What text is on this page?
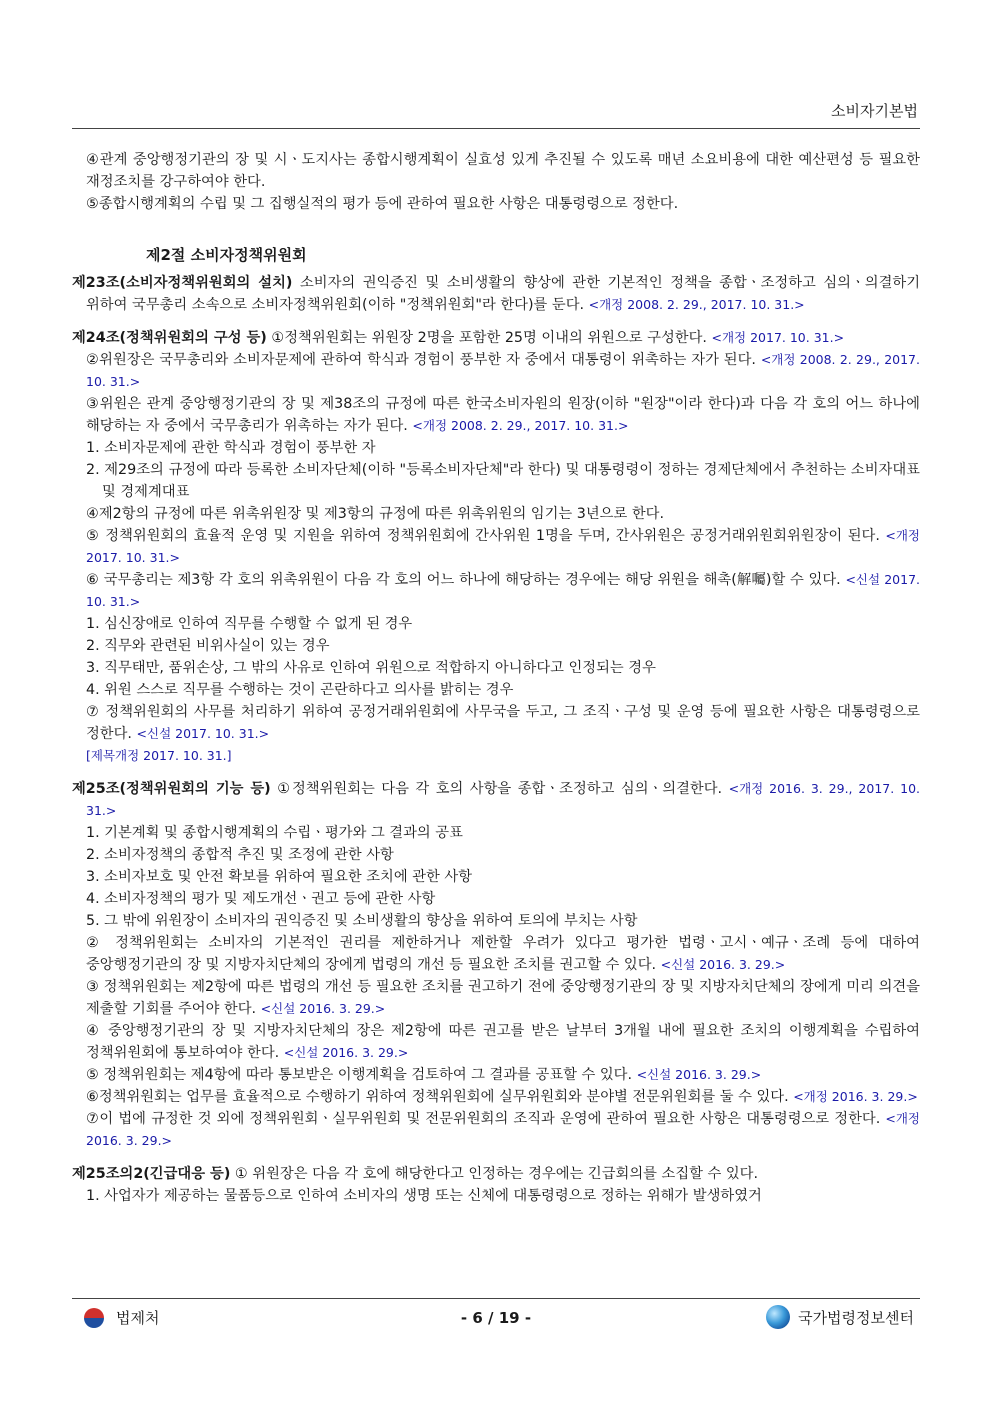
소비자기본법

④관계 중앙행정기관의 장 및 시ㆍ도지사는 종합시행계획이 실효성 있게 추진될 수 있도록 매년 소요비용에 대한 예산편성 등 필요한 재정조치를 강구하여야 한다.

⑤종합시행계획의 수립 및 그 집행실적의 평가 등에 관하여 필요한 사항은 대통령령으로 정한다.

제2절 소비자정책위원회

제23조(소비자정책위원회의 설치) 소비자의 권익증진 및 소비생활의 향상에 관한 기본적인 정책을 종합ㆍ조정하고 심의ㆍ의결하기 위하여 국무총리 소속으로 소비자정책위원회(이하 "정책위원회"라 한다)를 둔다. <개정 2008. 2. 29., 2017. 10. 31.>

제24조(정책위원회의 구성 등) ①정책위원회는 위원장 2명을 포함한 25명 이내의 위원으로 구성한다. <개정 2017. 10. 31.>

②위원장은 국무총리와 소비자문제에 관하여 학식과 경험이 풍부한 자 중에서 대통령이 위촉하는 자가 된다. <개정 2008. 2. 29., 2017. 10. 31.>

③위원은 관계 중앙행정기관의 장 및 제38조의 규정에 따른 한국소비자원의 원장(이하 "원장"이라 한다)과 다음 각 호의 어느 하나에 해당하는 자 중에서 국무총리가 위촉하는 자가 된다. <개정 2008. 2. 29., 2017. 10. 31.>

1. 소비자문제에 관한 학식과 경험이 풍부한 자

2. 제29조의 규정에 따라 등록한 소비자단체(이하 "등록소비자단체"라 한다) 및 대통령령이 정하는 경제단체에서 추천하는 소비자대표 및 경제계대표

④제2항의 규정에 따른 위촉위원장 및 제3항의 규정에 따른 위촉위원의 임기는 3년으로 한다.

⑤ 정책위원회의 효율적 운영 및 지원을 위하여 정책위원회에 간사위원 1명을 두며, 간사위원은 공정거래위원회위원장이 된다. <개정 2017. 10. 31.>

⑥ 국무총리는 제3항 각 호의 위촉위원이 다음 각 호의 어느 하나에 해당하는 경우에는 해당 위원을 해촉(解囑)할 수 있다. <신설 2017. 10. 31.>

1. 심신장애로 인하여 직무를 수행할 수 없게 된 경우

2. 직무와 관련된 비위사실이 있는 경우

3. 직무태만, 품위손상, 그 밖의 사유로 인하여 위원으로 적합하지 아니하다고 인정되는 경우

4. 위원 스스로 직무를 수행하는 것이 곤란하다고 의사를 밝히는 경우

⑦ 정책위원회의 사무를 처리하기 위하여 공정거래위원회에 사무국을 두고, 그 조직ㆍ구성 및 운영 등에 필요한 사항은 대통령령으로 정한다. <신설 2017. 10. 31.>

[제목개정 2017. 10. 31.]

제25조(정책위원회의 기능 등) ①정책위원회는 다음 각 호의 사항을 종합ㆍ조정하고 심의ㆍ의결한다. <개정 2016. 3. 29., 2017. 10. 31.>

1. 기본계획 및 종합시행계획의 수립ㆍ평가와 그 결과의 공표

2. 소비자정책의 종합적 추진 및 조정에 관한 사항

3. 소비자보호 및 안전 확보를 위하여 필요한 조치에 관한 사항

4. 소비자정책의 평가 및 제도개선ㆍ권고 등에 관한 사항

5. 그 밖에 위원장이 소비자의 권익증진 및 소비생활의 향상을 위하여 토의에 부치는 사항

② 정책위원회는 소비자의 기본적인 권리를 제한하거나 제한할 우려가 있다고 평가한 법령ㆍ고시ㆍ예규ㆍ조례 등에 대하여 중앙행정기관의 장 및 지방자치단체의 장에게 법령의 개선 등 필요한 조치를 권고할 수 있다. <신설 2016. 3. 29.>

③ 정책위원회는 제2항에 따른 법령의 개선 등 필요한 조치를 권고하기 전에 중앙행정기관의 장 및 지방자치단체의 장에게 미리 의견을 제출할 기회를 주어야 한다. <신설 2016. 3. 29.>

④ 중앙행정기관의 장 및 지방자치단체의 장은 제2항에 따른 권고를 받은 날부터 3개월 내에 필요한 조치의 이행계획을 수립하여 정책위원회에 통보하여야 한다. <신설 2016. 3. 29.>

⑤ 정책위원회는 제4항에 따라 통보받은 이행계획을 검토하여 그 결과를 공표할 수 있다. <신설 2016. 3. 29.>

⑥정책위원회는 업무를 효율적으로 수행하기 위하여 정책위원회에 실무위원회와 분야별 전문위원회를 둘 수 있다. <개정 2016. 3. 29.>

⑦이 법에 규정한 것 외에 정책위원회ㆍ실무위원회 및 전문위원회의 조직과 운영에 관하여 필요한 사항은 대통령령으로 정한다. <개정 2016. 3. 29.>

제25조의2(긴급대응 등) ① 위원장은 다음 각 호에 해당한다고 인정하는 경우에는 긴급회의를 소집할 수 있다.

1. 사업자가 제공하는 물품등으로 인하여 소비자의 생명 또는 신체에 대통령령으로 정하는 위해가 발생하였거

법제처	- 6 / 19 -	국가법령정보센터
